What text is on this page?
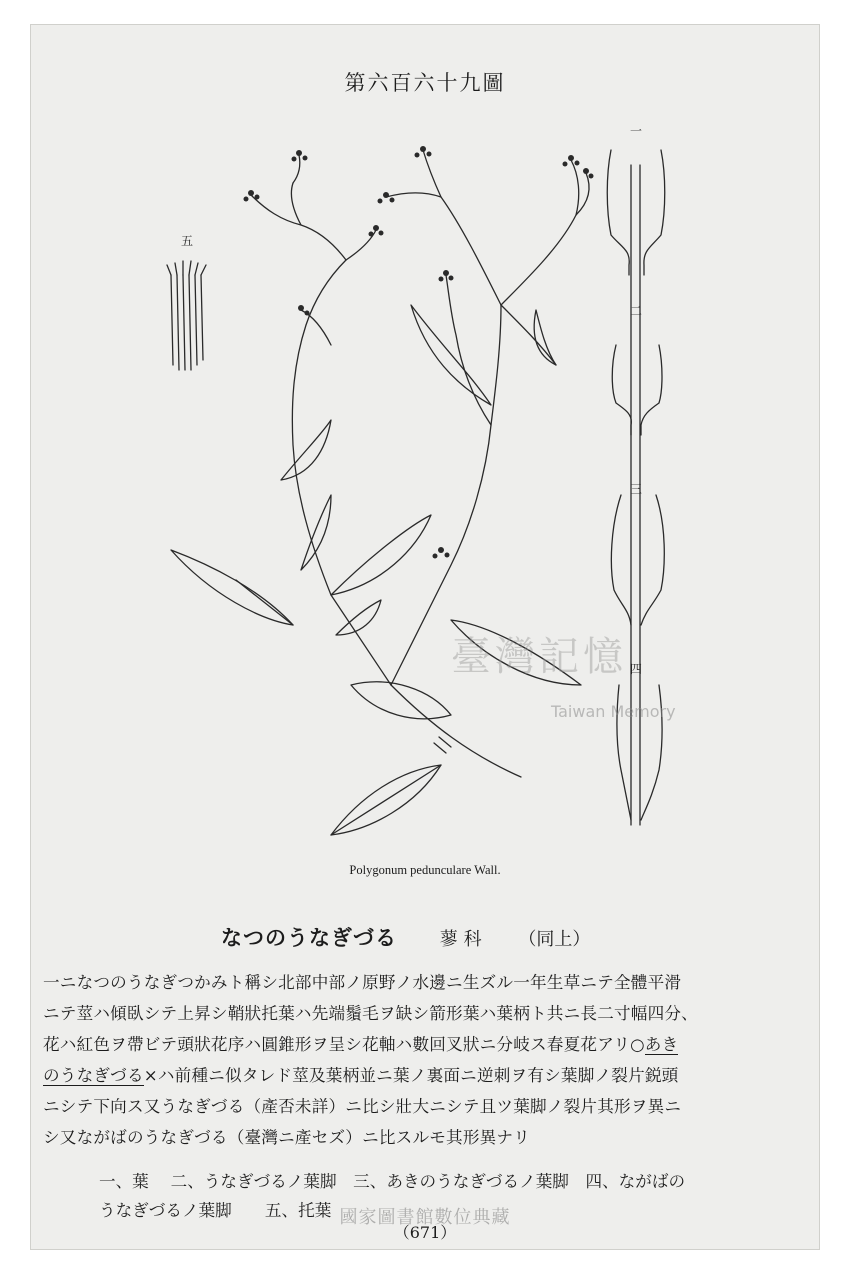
第六百六十九圖
一
二
三
四
五
臺灣記憶
Taiwan Memory
Polygonum pedunculare Wall.
なつのうなぎづる 蓼科 （同上）
一ニなつのうなぎつかみト稱シ北部中部ノ原野ノ水邊ニ生ズル一年生草ニテ全體平滑
ニテ莖ハ傾臥シテ上昇シ鞘狀托葉ハ先端鬚毛ヲ缺シ箭形葉ハ葉柄ト共ニ長二寸幅四分、
花ハ紅色ヲ帶ビテ頭狀花序ハ圓錐形ヲ呈シ花軸ハ數回叉狀ニ分岐ス春夏花アリ○あき
のうなぎづる×ハ前種ニ似タレド莖及葉柄並ニ葉ノ裏面ニ逆刺ヲ有シ葉脚ノ裂片鋭頭
ニシテ下向ス又うなぎづる（產否未詳）ニ比シ壯大ニシテ且ツ葉脚ノ裂片其形ヲ異ニ
シ又ながばのうなぎづる（臺灣ニ產セズ）ニ比スルモ其形異ナリ
一、葉　 二、うなぎづるノ葉脚　三、あきのうなぎづるノ葉脚　四、ながばの
うなぎづるノ葉脚　　五、托葉 國家圖書館數位典藏
（671）
